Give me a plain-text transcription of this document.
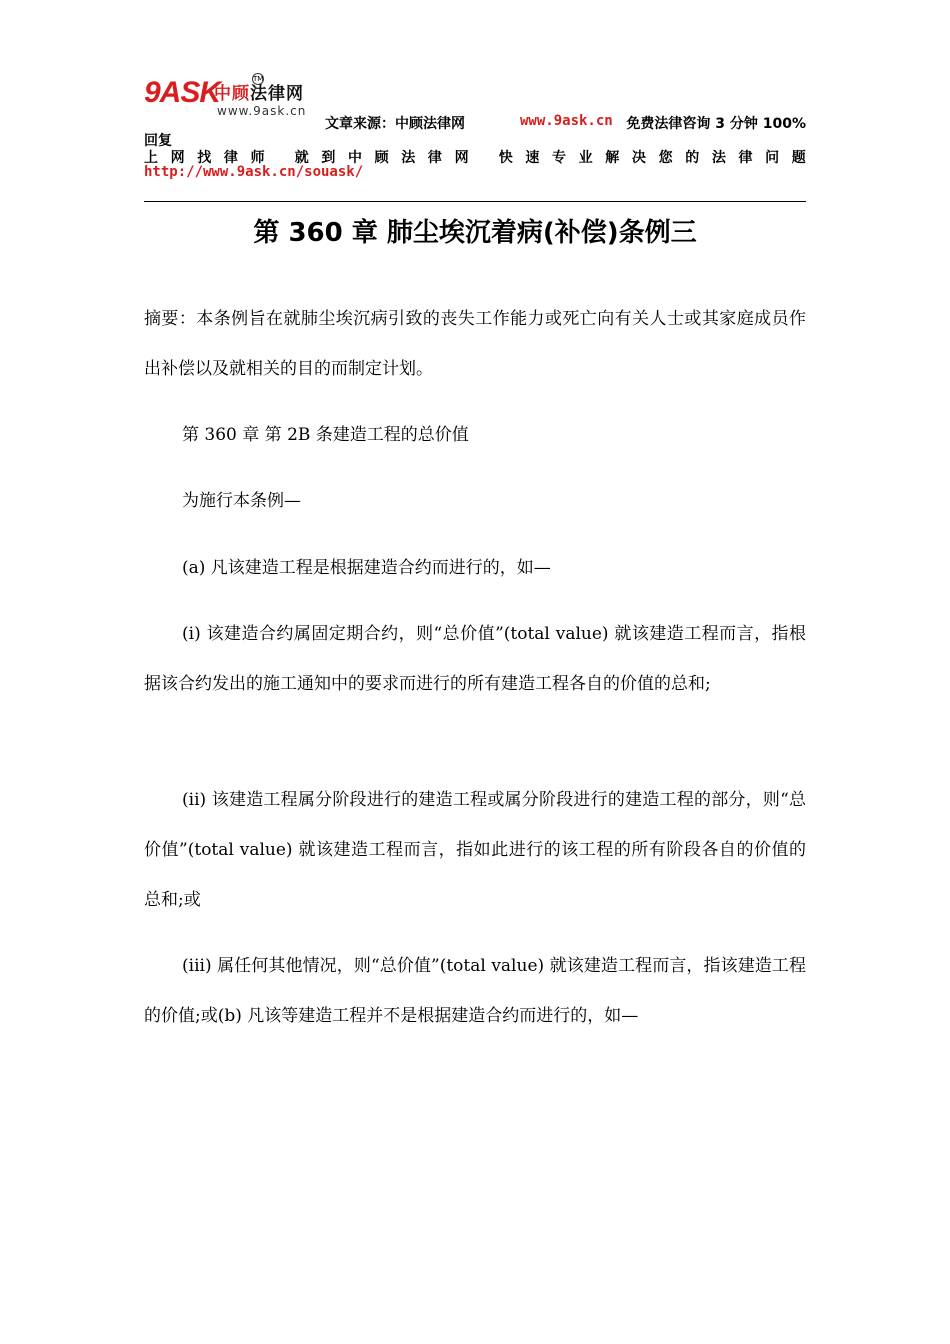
9ASK
中顾法律网
TM
www.9ask.cn
文章来源：中顾法律网	www.9ask.cn 免费法律咨询 3 分钟 100%
回复
上 网 找 律 师
就 到 中 顾 法 律 网
快 速 专 业 解 决 您 的 法 律 问 题
http://www.9ask.cn/souask/
第 360 章 肺尘埃沉着病(补偿)条例三
摘要：本条例旨在就肺尘埃沉病引致的丧失工作能力或死亡向有关人士或其家庭成员作出补偿以及就相关的目的而制定计划。
第 360 章 第 2B 条建造工程的总价值
为施行本条例—
(a) 凡该建造工程是根据建造合约而进行的，如—
(i) 该建造合约属固定期合约，则“总价值”(total value) 就该建造工程而言，指根据该合约发出的施工通知中的要求而进行的所有建造工程各自的价值的总和;
(ii) 该建造工程属分阶段进行的建造工程或属分阶段进行的建造工程的部分，则“总价值”(total value) 就该建造工程而言，指如此进行的该工程的所有阶段各自的价值的总和;或
(iii) 属任何其他情况，则“总价值”(total value) 就该建造工程而言，指该建造工程的价值;或(b) 凡该等建造工程并不是根据建造合约而进行的，如—
